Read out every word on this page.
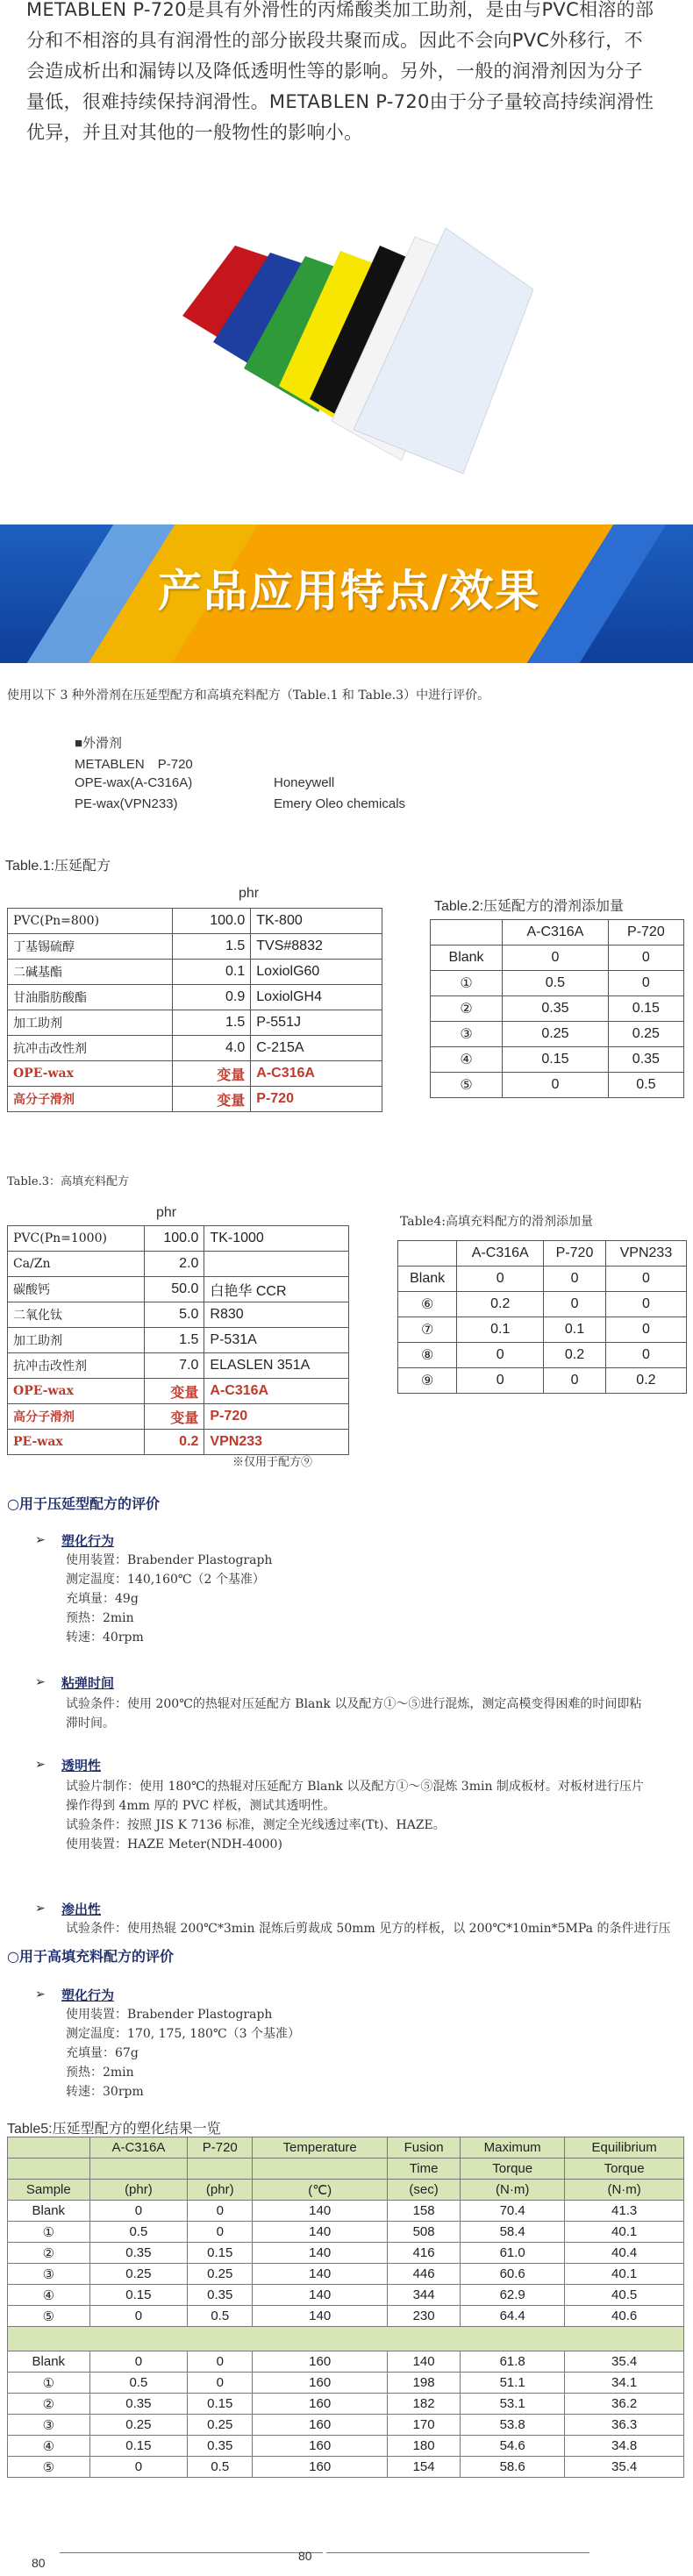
METABLEN P-720是具有外滑性的丙烯酸类加工助剂，是由与PVC相溶的部分和不相溶的具有润滑性的部分嵌段共聚而成。因此不会向PVC外移行，不会造成析出和漏铸以及降低透明性等的影响。另外，一般的润滑剂因为分子量低，很难持续保持润滑性。METABLEN P-720由于分子量较高持续润滑性优异，并且对其他的一般物性的影响小。
产品应用特点/效果
使用以下 3 种外滑剂在压延型配方和高填充料配方（Table.1 和 Table.3）中进行评价。
■外滑剂
METABLEN　P-720
OPE-wax(A-C316A)	Honeywell
PE-wax(VPN233)	Emery Oleo chemicals
Table.1:压延配方
phr
PVC(Pn=800)	100.0	TK-800
丁基锡硫醇	1.5	TVS#8832
二碱基酯	0.1	LoxiolG60
甘油脂肪酸酯	0.9	LoxiolGH4
加工助剂	1.5	P-551J
抗冲击改性剂	4.0	C-215A
OPE-wax	变量	A-C316A
高分子滑剂	变量	P-720
Table.2:压延配方的滑剂添加量
	A-C316A	P-720
Blank	0	0
①	0.5	0
②	0.35	0.15
③	0.25	0.25
④	0.15	0.35
⑤	0	0.5
Table.3：高填充料配方
phr
PVC(Pn=1000)	100.0	TK-1000
Ca/Zn	2.0	
碳酸钙	50.0	白艳华 CCR
二氧化钛	5.0	R830
加工助剂	1.5	P-531A
抗冲击改性剂	7.0	ELASLEN 351A
OPE-wax	变量	A-C316A
高分子滑剂	变量	P-720
PE-wax	0.2	VPN233
※仅用于配方⑨
Table4:高填充料配方的滑剂添加量
	A-C316A	P-720	VPN233
Blank	0	0	0
⑥	0.2	0	0
⑦	0.1	0.1	0
⑧	0	0.2	0
⑨	0	0	0.2
○用于压延型配方的评价
➢ 塑化行为
使用装置：Brabender Plastograph
测定温度：140,160℃（2 个基准）
充填量：49g
预热：2min
转速：40rpm
➢ 粘弹时间
试验条件：使用 200℃的热辊对压延配方 Blank 以及配方①～⑤进行混炼，测定高模变得困难的时间即粘
滞时间。
➢ 透明性
试验片制作：使用 180℃的热辊对压延配方 Blank 以及配方①～⑤混炼 3min 制成板材。对板材进行压片
操作得到 4mm 厚的 PVC 样板，测试其透明性。
试验条件：按照 JIS K 7136 标准，测定全光线透过率(Tt)、HAZE。
使用装置：HAZE Meter(NDH-4000)
➢ 渗出性
试验条件：使用热辊 200℃*3min 混炼后剪裁成 50mm 见方的样板，以 200℃*10min*5MPa 的条件进行压
○用于高填充料配方的评价
➢ 塑化行为
使用装置：Brabender Plastograph
测定温度：170, 175, 180℃（3 个基准）
充填量：67g
预热：2min
转速：30rpm
Table5:压延型配方的塑化结果一览
	A-C316A	P-720	Temperature	Fusion	Maximum	Equilibrium
				Time	Torque	Torque
Sample	(phr)	(phr)	(℃)	(sec)	(N·m)	(N·m)
Blank	0	0	140	158	70.4	41.3
①	0.5	0	140	508	58.4	40.1
②	0.35	0.15	140	416	61.0	40.4
③	0.25	0.25	140	446	60.6	40.1
④	0.15	0.35	140	344	62.9	40.5
⑤	0	0.5	140	230	64.4	40.6

Blank	0	0	160	140	61.8	35.4
①	0.5	0	160	198	51.1	34.1
②	0.35	0.15	160	182	53.1	36.2
③	0.25	0.25	160	170	53.8	36.3
④	0.15	0.35	160	180	54.6	34.8
⑤	0	0.5	160	154	58.6	35.4
80	80
